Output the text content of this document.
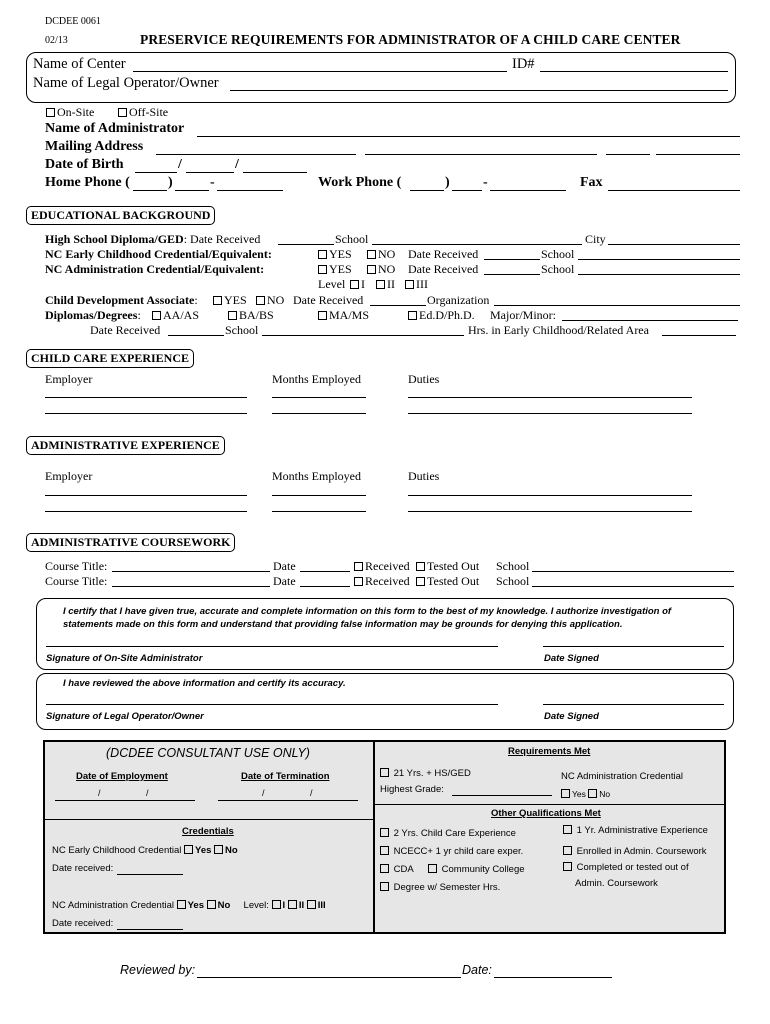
DCDEE 0061
02/13	PRESERVICE REQUIREMENTS FOR ADMINISTRATOR OF A CHILD CARE CENTER
Name of Center	ID#
Name of Legal Operator/Owner
On-Site	Off-Site
Name of Administrator
Mailing Address
Date of Birth	/	/
Home Phone (	)	-	Work Phone (	) -	Fax
EDUCATIONAL BACKGROUND
High School Diploma/GED: Date Received	School	City
NC Early Childhood Credential/Equivalent:	YES	NO Date Received	School
NC Administration Credential/Equivalent:	YES	NO Date Received	School
Level	I	II	III
Child Development Associate:	YES	NO Date Received	Organization
Diplomas/Degrees:	AA/AS	BA/BS	MA/MS	Ed.D/Ph.D. Major/Minor:
Date Received	School	Hrs. in Early Childhood/Related Area
CHILD CARE EXPERIENCE
Employer	Months Employed	Duties
ADMINISTRATIVE EXPERIENCE
Employer	Months Employed	Duties
ADMINISTRATIVE COURSEWORK
Course Title:	Date	Received	Tested Out School
Course Title:	Date	Received	Tested Out School
I certify that I have given true, accurate and complete information on this form to the best of my knowledge. I authorize investigation of
statements made on this form and understand that providing false information may be grounds for denying this application.
Signature of On-Site Administrator	Date Signed
I have reviewed the above information and certify its accuracy.
Signature of Legal Operator/Owner	Date Signed
(DCDEE CONSULTANT USE ONLY)
Date of Employment	Date of Termination
/	/	/	/
Credentials
NC Early Childhood Credential Yes No
Date received:
NC Administration Credential Yes No Level: I II III
Date received:
Requirements Met
21 Yrs. + HS/GED
Highest Grade:
NC Administration Credential
Yes No
Other Qualifications Met
2 Yrs. Child Care Experience	1 Yr. Administrative Experience
NCECC+ 1 yr child care exper.	Enrolled in Admin. Coursework
CDA	Community College	Completed or tested out of
Admin. Coursework
Degree w/ Semester Hrs.
Reviewed by:	Date:
